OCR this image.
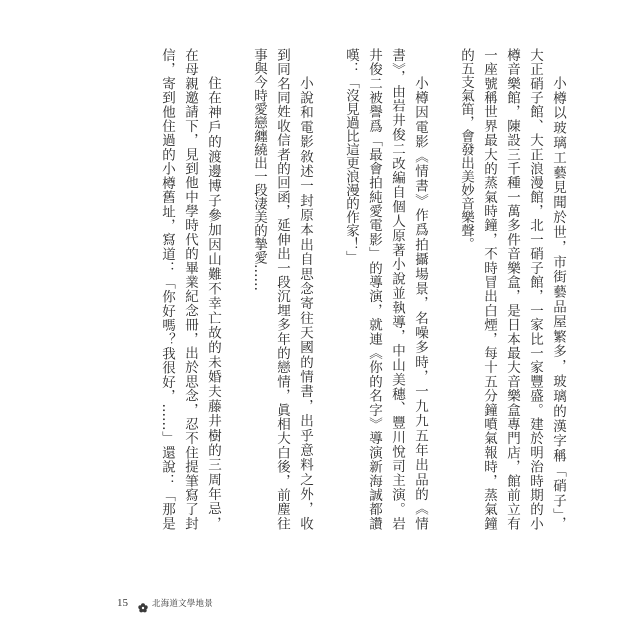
小樽以玻璃工藝見聞於世，市街藝品屋繁多，玻璃的漢字稱「硝子」，
大正硝子館、大正浪漫館，北一硝子館，一家比一家豐盛。建於明治時期的小
樽音樂館，陳設三千種一萬多件音樂盒，是日本最大音樂盒專門店，館前立有
一座號稱世界最大的蒸氣時鐘，不時冒出白煙，每十五分鐘噴氣報時，蒸氣鐘
的五支氣笛，會發出美妙音樂聲。
小樽因電影《情書》作爲拍攝場景，名噪多時，一九九五年出品的《情
書》，由岩井俊二改編自個人原著小說並執導，中山美穗、豐川悅司主演。岩
井俊二被譽爲「最會拍純愛電影」的導演，就連《你的名字》導演新海誠都讚
嘆：「沒見過比這更浪漫的作家！」
小說和電影敘述一封原本出自思念寄往天國的情書，出乎意料之外，收
到同名同姓收信者的回函，延伸出一段沉埋多年的戀情，眞相大白後，前塵往
事與今時愛戀纏繞出一段淒美的摯愛……
住在神戶的渡邊博子參加因山難不幸亡故的未婚夫藤井樹的三周年忌，
在母親邀請下，見到他中學時代的畢業紀念冊，出於思念，忍不住提筆寫了封
信，寄到他住過的小樽舊址，寫道：「你好嗎？我很好，……」還說：「那是
15	北海道文學地景
